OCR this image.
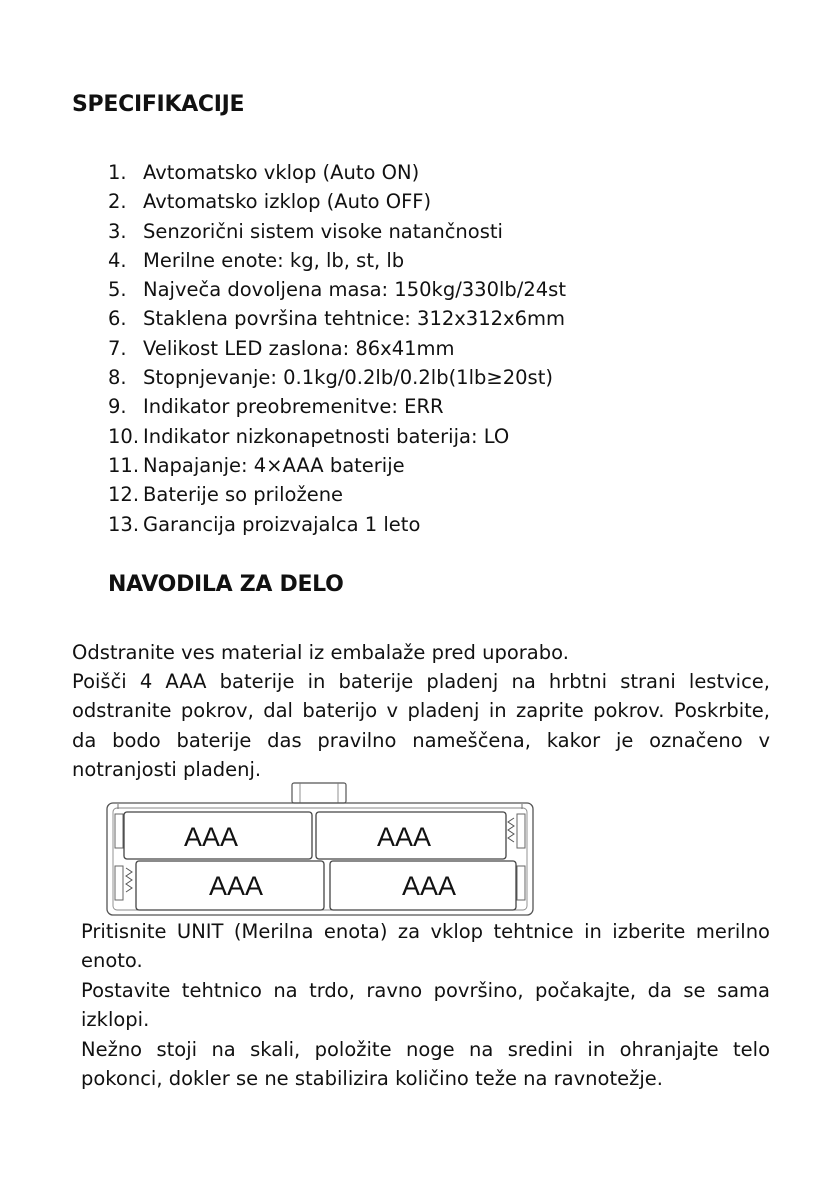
SPECIFIKACIJE
1. Avtomatsko vklop (Auto ON)
2. Avtomatsko izklop (Auto OFF)
3. Senzorični sistem visoke natančnosti
4. Merilne enote: kg, lb, st, lb
5. Največa dovoljena masa: 150kg/330lb/24st
6. Staklena površina tehtnice: 312x312x6mm
7. Velikost LED zaslona: 86x41mm
8. Stopnjevanje: 0.1kg/0.2lb/0.2lb(1lb≥20st)
9. Indikator preobremenitve: ERR
10. Indikator nizkonapetnosti baterija: LO
11. Napajanje: 4×AAA baterije
12. Baterije so priložene
13. Garancija proizvajalca 1 leto
NAVODILA ZA DELO
Odstranite ves material iz embalaže pred uporabo.
Poišči 4 AAA baterije in baterije pladenj na hrbtni strani lestvice, odstranite pokrov, dal baterijo v pladenj in zaprite pokrov. Poskrbite, da bodo baterije das pravilno nameščena, kakor je označeno v notranjosti pladenj.
AAA	AAA
AAA	AAA
Pritisnite UNIT (Merilna enota) za vklop tehtnice in izberite merilno enoto.
Postavite tehtnico na trdo, ravno površino, počakajte, da se sama izklopi.
Nežno stoji na skali, položite noge na sredini in ohranjajte telo pokonci, dokler se ne stabilizira količino teže na ravnotežje.
